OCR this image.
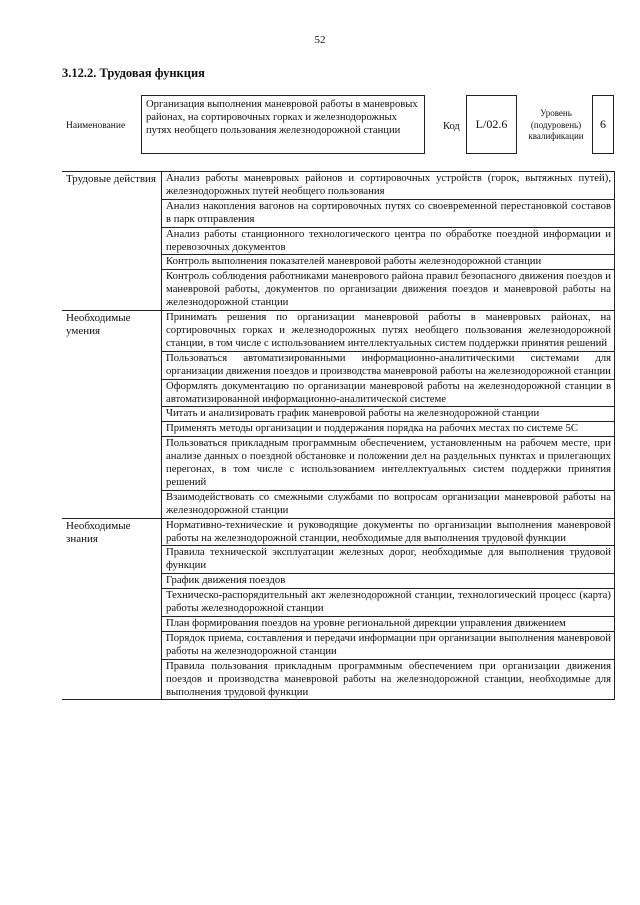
52
3.12.2. Трудовая функция
Наименование
Организация выполнения маневровой работы в маневровых районах, на сортировочных горках и железнодорожных путях необщего пользования железнодорожной станции	Код	L/02.6
Уровень (подуровень) квалификации
6
Трудовые действия Анализ работы маневровых районов и сортировочных устройств (горок, вытяжных путей), железнодорожных путей необщего пользования
Анализ накопления вагонов на сортировочных путях со своевременной перестановкой составов в парк отправления
Анализ работы станционного технологического центра по обработке поездной информации и перевозочных документов
Контроль выполнения показателей маневровой работы железнодорожной станции
Контроль соблюдения работниками маневрового района правил безопасного движения поездов и маневровой работы, документов по организации движения поездов и маневровой работы на железнодорожной станции
Необходимые умения
Принимать решения по организации маневровой работы в маневровых районах, на сортировочных горках и железнодорожных путях необщего пользования железнодорожной станции, в том числе с использованием интеллектуальных систем поддержки принятия решений
Пользоваться автоматизированными информационно-аналитическими системами для организации движения поездов и производства маневровой работы на железнодорожной станции
Оформлять документацию по организации маневровой работы на железнодорожной станции в автоматизированной информационно-аналитической системе
Читать и анализировать график маневровой работы на железнодорожной станции
Применять методы организации и поддержания порядка на рабочих местах по системе 5С
Пользоваться прикладным программным обеспечением, установленным на рабочем месте, при анализе данных о поездной обстановке и положении дел на раздельных пунктах и прилегающих перегонах, в том числе с использованием интеллектуальных систем поддержки принятия решений
Взаимодействовать со смежными службами по вопросам организации маневровой работы на железнодорожной станции
Необходимые знания
Нормативно-технические и руководящие документы по организации выполнения маневровой работы на железнодорожной станции, необходимые для выполнения трудовой функции
Правила технической эксплуатации железных дорог, необходимые для выполнения трудовой функции
График движения поездов
Техническо-распорядительный акт железнодорожной станции, технологический процесс (карта) работы железнодорожной станции
План формирования поездов на уровне региональной дирекции управления движением
Порядок приема, составления и передачи информации при организации выполнения маневровой работы на железнодорожной станции
Правила пользования прикладным программным обеспечением при организации движения поездов и производства маневровой работы на железнодорожной станции, необходимые для выполнения трудовой функции
